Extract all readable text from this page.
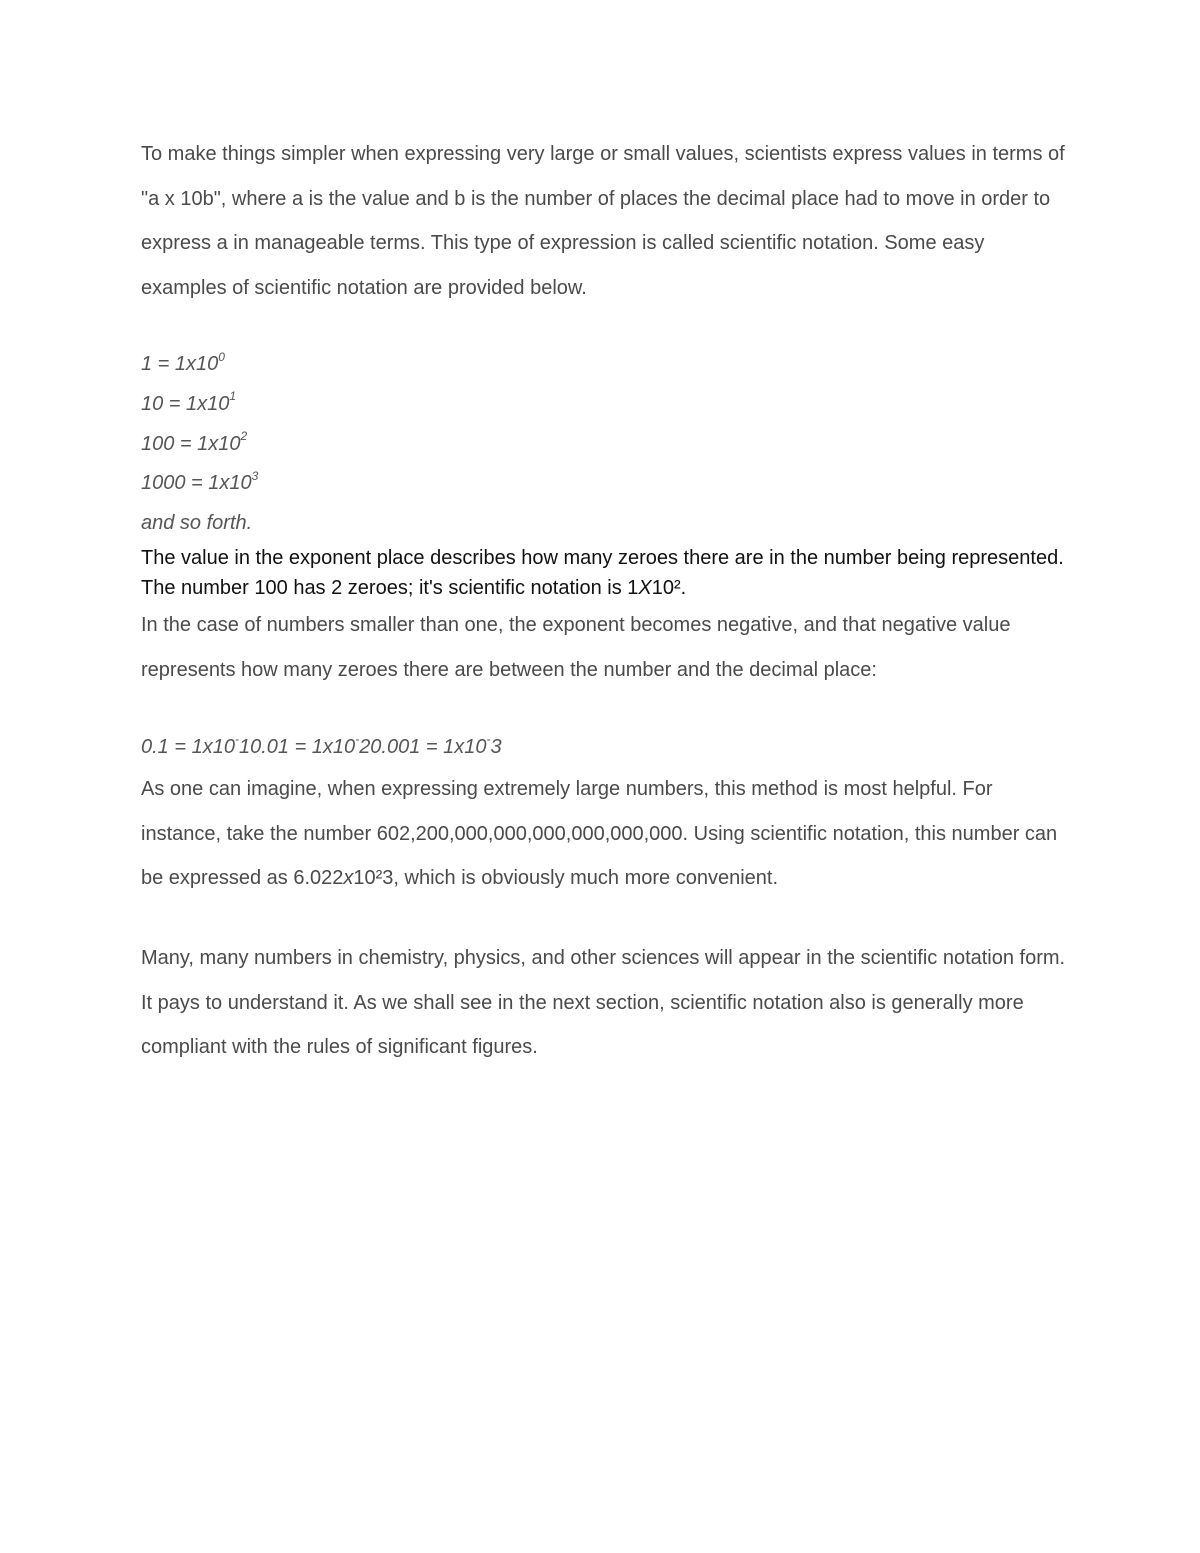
To make things simpler when expressing very large or small values, scientists express values in terms of "a x 10b", where a is the value and b is the number of places the decimal place had to move in order to express a in manageable terms. This type of expression is called scientific notation. Some easy examples of scientific notation are provided below.

$1 = 1x10^0$

$10 = 1x10^1$

$100 = 1x10^2$

$1000 = 1x10^3$

and so forth.

The value in the exponent place describes how many zeroes there are in the number being represented. The number 100 has 2 zeroes; it's scientific notation is 1X10².

In the case of numbers smaller than one, the exponent becomes negative, and that negative value represents how many zeroes there are between the number and the decimal place:

0.1 = 1x10-10.01 = 1x10-20.001 = 1x10-3

As one can imagine, when expressing extremely large numbers, this method is most helpful. For instance, take the number 602,200,000,000,000,000,000,000. Using scientific notation, this number can be expressed as 6.022x10²3, which is obviously much more convenient.

Many, many numbers in chemistry, physics, and other sciences will appear in the scientific notation form. It pays to understand it. As we shall see in the next section, scientific notation also is generally more compliant with the rules of significant figures.
